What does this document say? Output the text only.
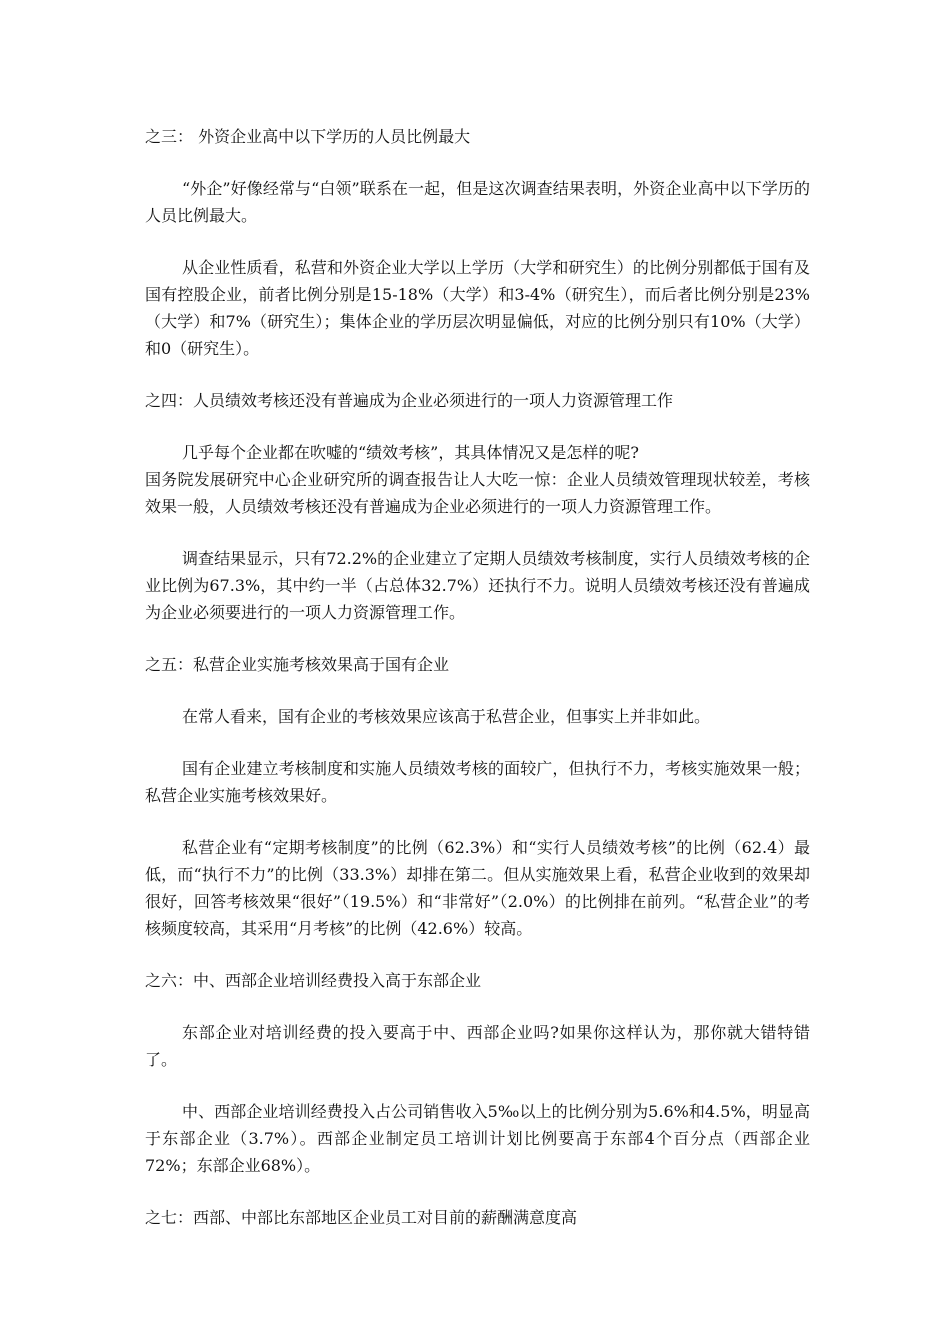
之三： 外资企业高中以下学历的人员比例最大

“外企”好像经常与“白领”联系在一起，但是这次调查结果表明，外资企业高中以下学历的人员比例最大。

从企业性质看，私营和外资企业大学以上学历（大学和研究生）的比例分别都低于国有及国有控股企业，前者比例分别是15-18%（大学）和3-4%（研究生），而后者比例分别是23%（大学）和7%（研究生）；集体企业的学历层次明显偏低，对应的比例分别只有10%（大学）和0（研究生）。

之四：人员绩效考核还没有普遍成为企业必须进行的一项人力资源管理工作

几乎每个企业都在吹嘘的“绩效考核”，其具体情况又是怎样的呢?

国务院发展研究中心企业研究所的调查报告让人大吃一惊：企业人员绩效管理现状较差，考核效果一般，人员绩效考核还没有普遍成为企业必须进行的一项人力资源管理工作。

调查结果显示，只有72.2%的企业建立了定期人员绩效考核制度，实行人员绩效考核的企业比例为67.3%，其中约一半（占总体32.7%）还执行不力。说明人员绩效考核还没有普遍成为企业必须要进行的一项人力资源管理工作。

之五：私营企业实施考核效果高于国有企业

在常人看来，国有企业的考核效果应该高于私营企业，但事实上并非如此。

国有企业建立考核制度和实施人员绩效考核的面较广，但执行不力，考核实施效果一般；私营企业实施考核效果好。

私营企业有“定期考核制度”的比例（62.3%）和“实行人员绩效考核”的比例（62.4）最低，而“执行不力”的比例（33.3%）却排在第二。但从实施效果上看，私营企业收到的效果却很好，回答考核效果“很好”（19.5%）和“非常好”（2.0%）的比例排在前列。“私营企业”的考核频度较高，其采用“月考核”的比例（42.6%）较高。

之六：中、西部企业培训经费投入高于东部企业

东部企业对培训经费的投入要高于中、西部企业吗?如果你这样认为，那你就大错特错了。

中、西部企业培训经费投入占公司销售收入5‰以上的比例分别为5.6%和4.5%，明显高于东部企业（3.7%）。西部企业制定员工培训计划比例要高于东部4个百分点（西部企业72%；东部企业68%）。

之七：西部、中部比东部地区企业员工对目前的薪酬满意度高
